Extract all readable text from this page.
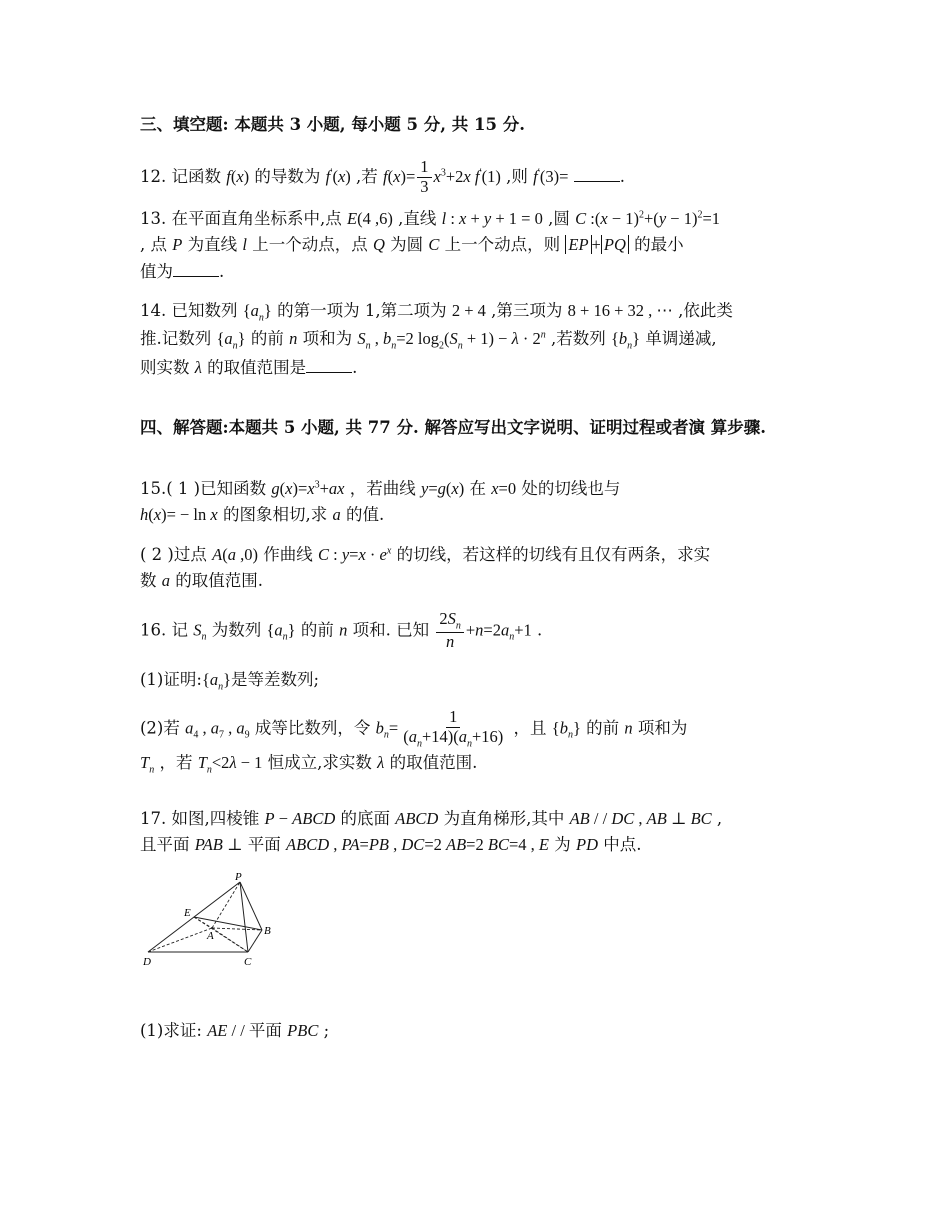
三、填空题: 本题共 3 小题, 每小题 5 分, 共 15 分.
12. 记函数 f(x) 的导数为 f′(x) ,若 $f(x)= \frac{1}{3} x^3+2x$ f′(1) ,则 f′(3)=	.
13. 在平面直角坐标系中,点 E(4 ,6) ,直线 l : x + y + 1 = 0 ,圆 C :(x − $1)^2+(y - 1)^2=1$
, 点 P 为直线 l 上一个动点，点 Q 为圆 C 上一个动点，则 EP + PQ 的最小
值为	.
14. 已知数列 $\{a_n\}$ 的第一项为 1,第二项为 2 + 4 ,第三项为 8 + 16 + 32 , ⋯ ,依此类
推.记数列 $\{a_n\}$ 的前 n 项和为 $S_n$ , $b_n=2$ $\log_2(S_n + 1) - \lambda \cdot 2^n$ ,若数列 $\{b_n\}$ 单调递减,
则实数 λ 的取值范围是	.
四、解答题:本题共 5 小题, 共 77 分. 解答应写出文字说明、证明过程或者演 算步骤.
15.( 1 )已知函数 $g(x)=x^3+ax$ ，若曲线 y=g(x) 在 x=0 处的切线也与
h(x)= − ln x 的图象相切,求 a 的值.
( 2 )过点 A(a ,0) 作曲线 C : $y=x \cdot e^x$ 的切线，若这样的切线有且仅有两条，求实
数 a 的取值范围.
16. 记 $S_n$ 为数列 $\{a_n\}$ 的前 n 项和. 已知 $\frac{2S_n}{n} +n=2a_n+1$ .
(1)证明$:\{a_n\}$是等差数列;
(2)若 $a_4$ , $a_7$ , $a_9$ 成等比数列，令 $b_n= \frac{1}{(a_n+14)(a_n+16)}$ ，且 $\{b_n\}$ 的前 n 项和为
$T_n$ ，若 $T_n<2\lambda - 1$ 恒成立,求实数 λ 的取值范围.
17. 如图,四棱锥 P − ABCD 的底面 ABCD 为直角梯形,其中 AB / / DC , AB ⊥ BC ,
且平面 PAB ⊥ 平面 ABCD , PA=PB , DC=2 AB=2 BC=4 , E 为 PD 中点.
P
E
A	B
C
D
(1)求证: AE / / 平面 PBC ;
